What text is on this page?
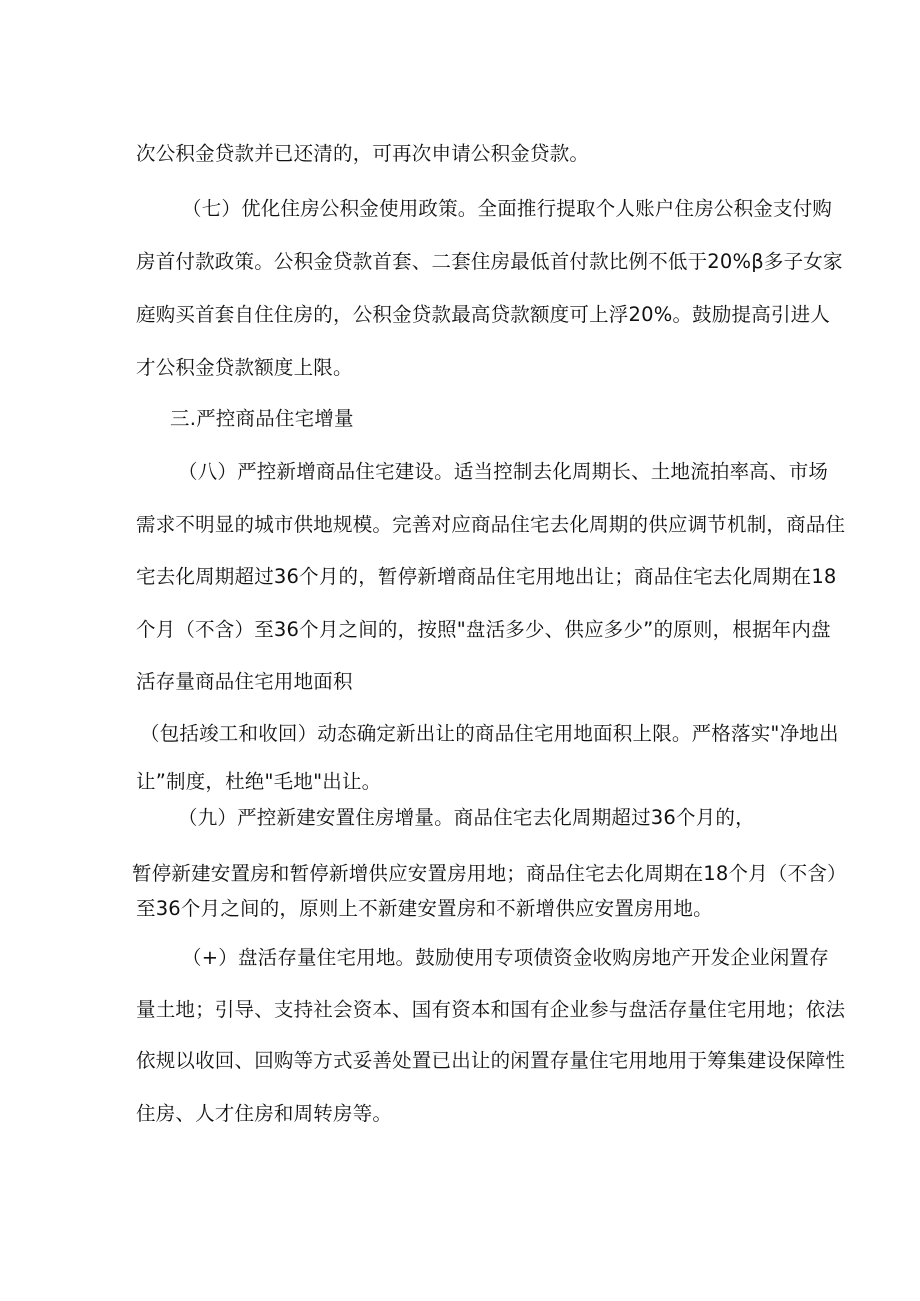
次公积金贷款并已还清的，可再次申请公积金贷款。
（七）优化住房公积金使用政策。全面推行提取个人账户住房公积金支付购
房首付款政策。公积金贷款首套、二套住房最低首付款比例不低于20%β多子女家
庭购买首套自住住房的，公积金贷款最高贷款额度可上浮20%。鼓励提高引进人
才公积金贷款额度上限。
三.严控商品住宅增量
（八）严控新增商品住宅建设。适当控制去化周期长、土地流拍率高、市场
需求不明显的城市供地规模。完善对应商品住宅去化周期的供应调节机制，商品住
宅去化周期超过36个月的，暂停新增商品住宅用地出让；商品住宅去化周期在18
个月（不含）至36个月之间的，按照"盘活多少、供应多少”的原则，根据年内盘
活存量商品住宅用地面积
（包括竣工和收回）动态确定新出让的商品住宅用地面积上限。严格落实"净地出
让”制度，杜绝"毛地"出让。
（九）严控新建安置住房增量。商品住宅去化周期超过36个月的，
暂停新建安置房和暂停新增供应安置房用地；商品住宅去化周期在18个月（不含）
至36个月之间的，原则上不新建安置房和不新增供应安置房用地。
（+）盘活存量住宅用地。鼓励使用专项债资金收购房地产开发企业闲置存
量土地；引导、支持社会资本、国有资本和国有企业参与盘活存量住宅用地；依法
依规以收回、回购等方式妥善处置已出让的闲置存量住宅用地用于筹集建设保障性
住房、人才住房和周转房等。
